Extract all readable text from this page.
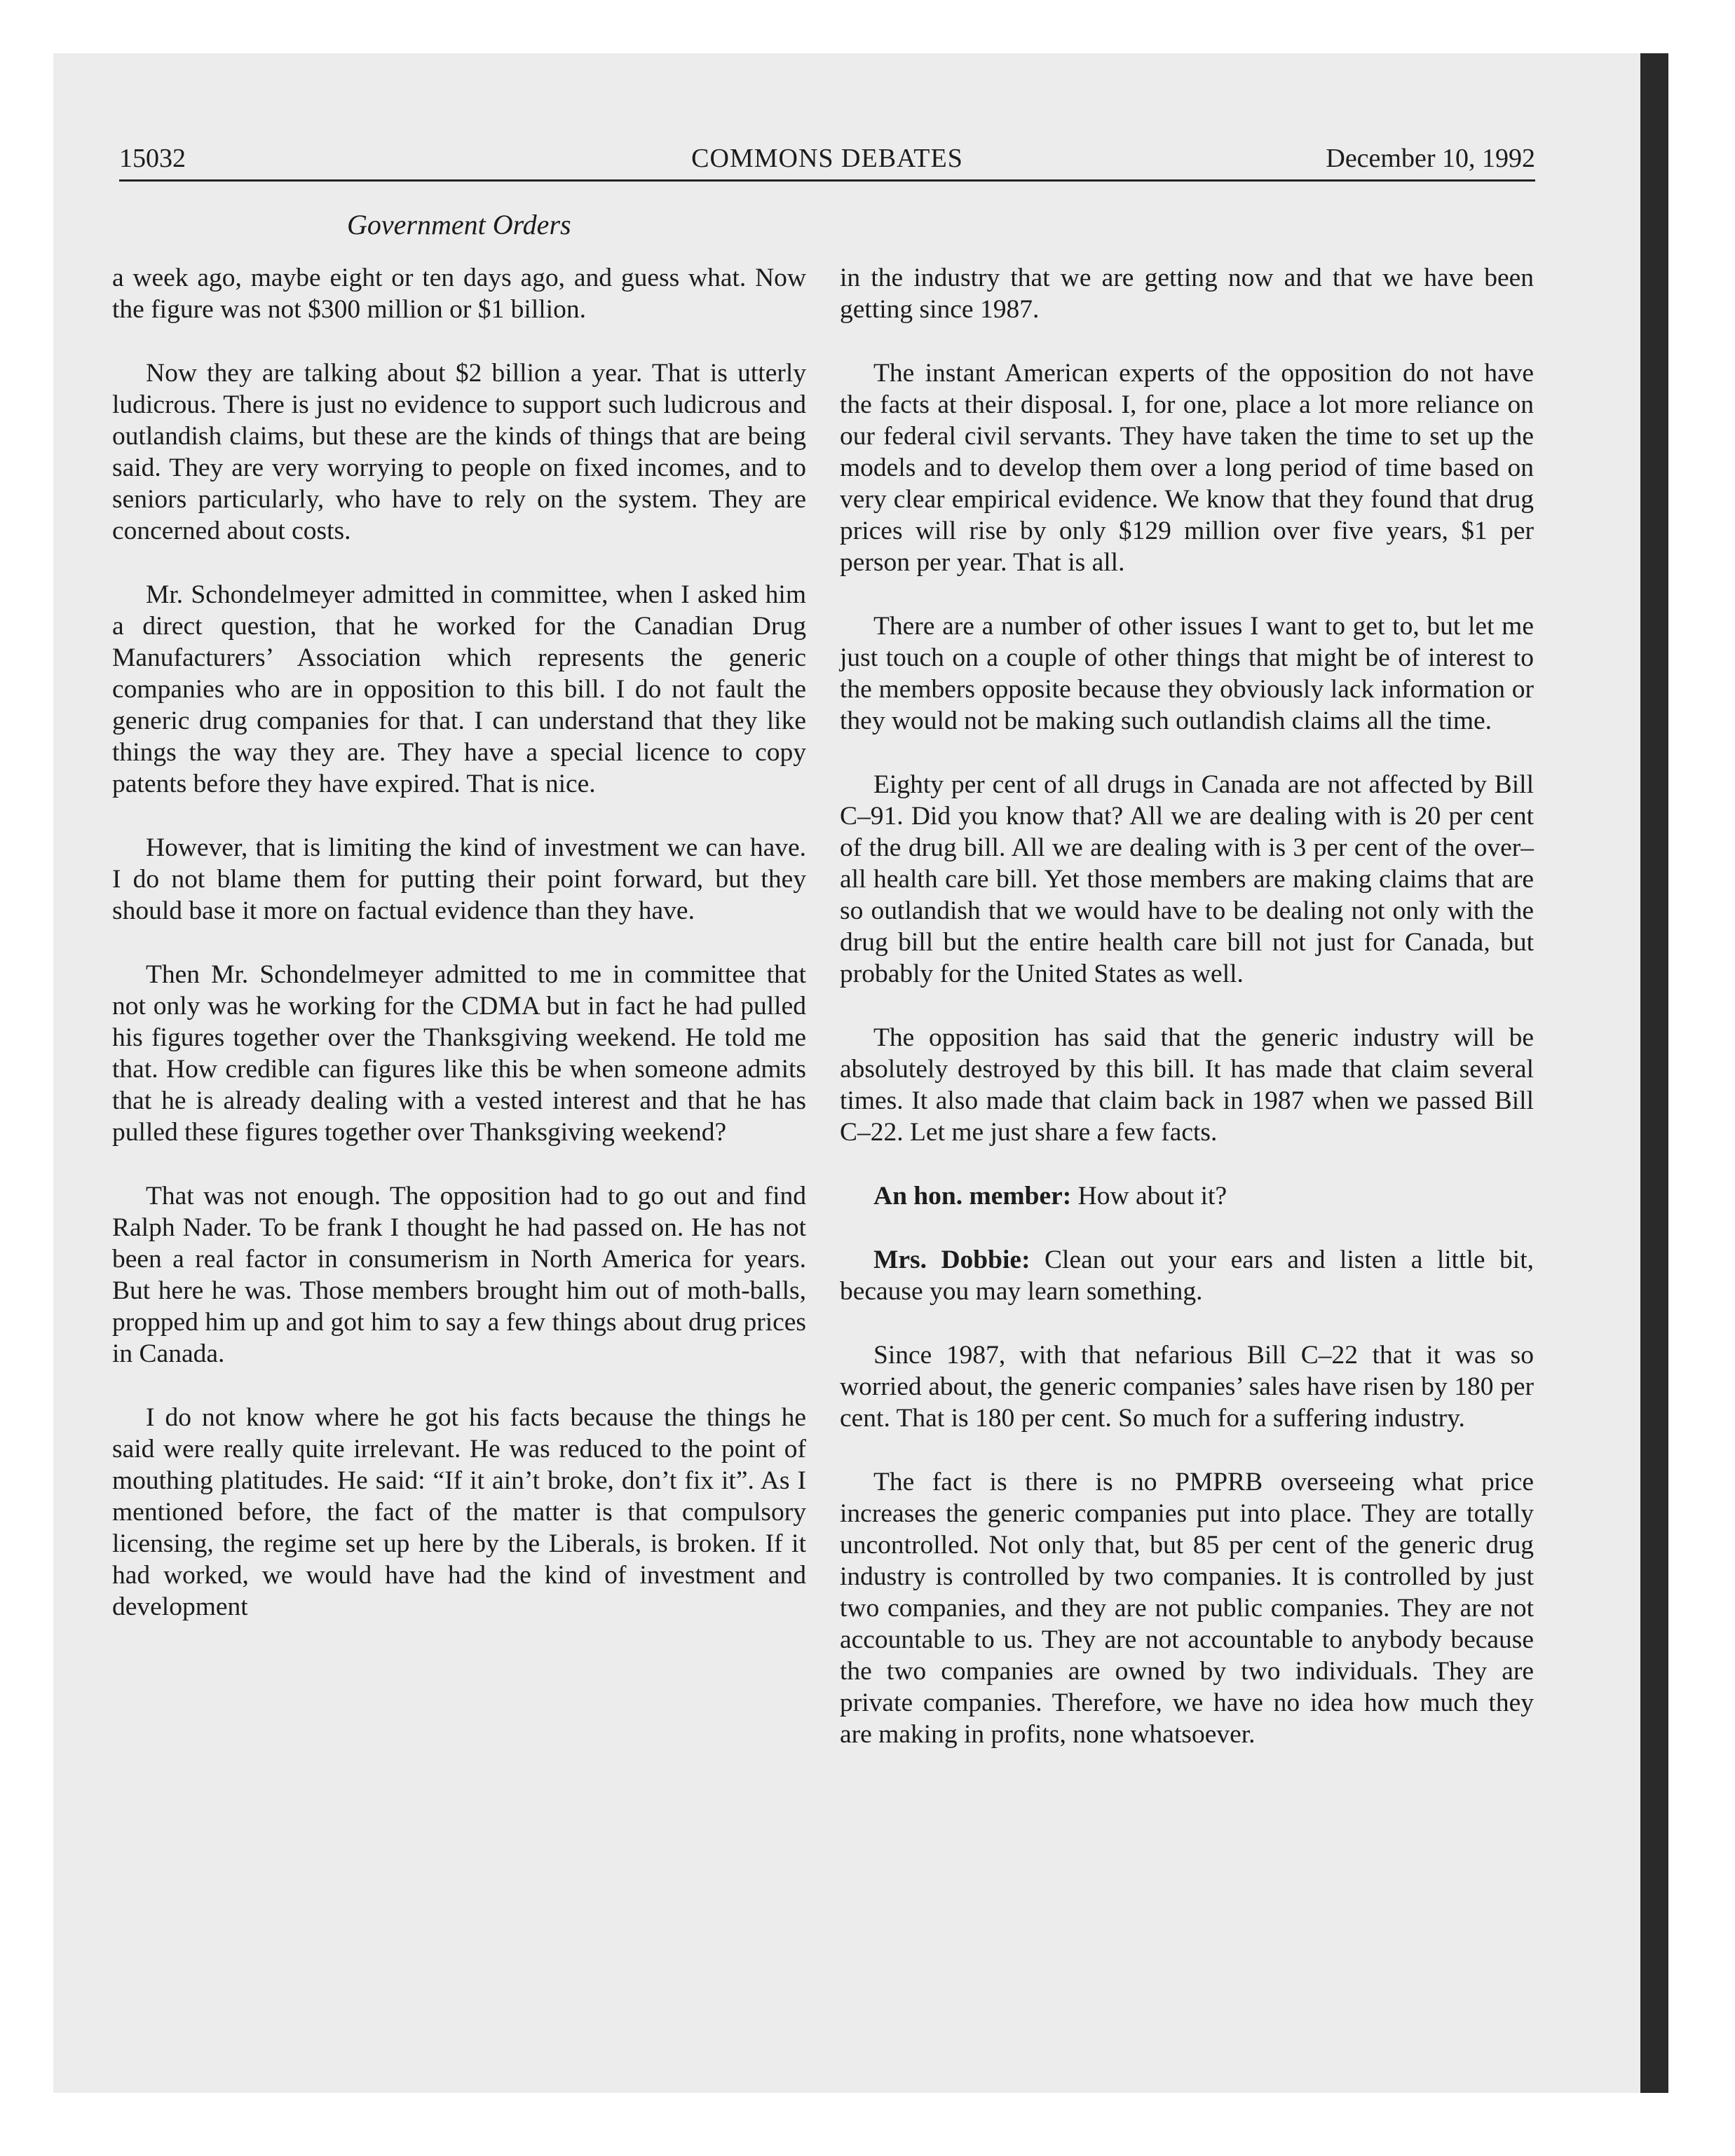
15032	COMMONS DEBATES	December 10, 1992
Government Orders

a week ago, maybe eight or ten days ago, and guess what. Now the figure was not $300 million or $1 billion.

Now they are talking about $2 billion a year. That is utterly ludicrous. There is just no evidence to support such ludicrous and outlandish claims, but these are the kinds of things that are being said. They are very worrying to people on fixed incomes, and to seniors particularly, who have to rely on the system. They are concerned about costs.

Mr. Schondelmeyer admitted in committee, when I asked him a direct question, that he worked for the Canadian Drug Manufacturers’ Association which represents the generic companies who are in opposition to this bill. I do not fault the generic drug companies for that. I can understand that they like things the way they are. They have a special licence to copy patents before they have expired. That is nice.

However, that is limiting the kind of investment we can have. I do not blame them for putting their point forward, but they should base it more on factual evidence than they have.

Then Mr. Schondelmeyer admitted to me in committee that not only was he working for the CDMA but in fact he had pulled his figures together over the Thanksgiving weekend. He told me that. How credible can figures like this be when someone admits that he is already dealing with a vested interest and that he has pulled these figures together over Thanksgiving weekend?

That was not enough. The opposition had to go out and find Ralph Nader. To be frank I thought he had passed on. He has not been a real factor in consumerism in North America for years. But here he was. Those members brought him out of moth-balls, propped him up and got him to say a few things about drug prices in Canada.

I do not know where he got his facts because the things he said were really quite irrelevant. He was reduced to the point of mouthing platitudes. He said: “If it ain’t broke, don’t fix it”. As I mentioned before, the fact of the matter is that compulsory licensing, the regime set up here by the Liberals, is broken. If it had worked, we would have had the kind of investment and development

in the industry that we are getting now and that we have been getting since 1987.

The instant American experts of the opposition do not have the facts at their disposal. I, for one, place a lot more reliance on our federal civil servants. They have taken the time to set up the models and to develop them over a long period of time based on very clear empirical evidence. We know that they found that drug prices will rise by only $129 million over five years, $1 per person per year. That is all.

There are a number of other issues I want to get to, but let me just touch on a couple of other things that might be of interest to the members opposite because they obviously lack information or they would not be making such outlandish claims all the time.

Eighty per cent of all drugs in Canada are not affected by Bill C–91. Did you know that? All we are dealing with is 20 per cent of the drug bill. All we are dealing with is 3 per cent of the over–all health care bill. Yet those members are making claims that are so outlandish that we would have to be dealing not only with the drug bill but the entire health care bill not just for Canada, but probably for the United States as well.

The opposition has said that the generic industry will be absolutely destroyed by this bill. It has made that claim several times. It also made that claim back in 1987 when we passed Bill C–22. Let me just share a few facts.

An hon. member: How about it?

Mrs. Dobbie: Clean out your ears and listen a little bit, because you may learn something.

Since 1987, with that nefarious Bill C–22 that it was so worried about, the generic companies’ sales have risen by 180 per cent. That is 180 per cent. So much for a suffering industry.

The fact is there is no PMPRB overseeing what price increases the generic companies put into place. They are totally uncontrolled. Not only that, but 85 per cent of the generic drug industry is controlled by two companies. It is controlled by just two companies, and they are not public companies. They are not accountable to us. They are not accountable to anybody because the two companies are owned by two individuals. They are private companies. Therefore, we have no idea how much they are making in profits, none whatsoever.
